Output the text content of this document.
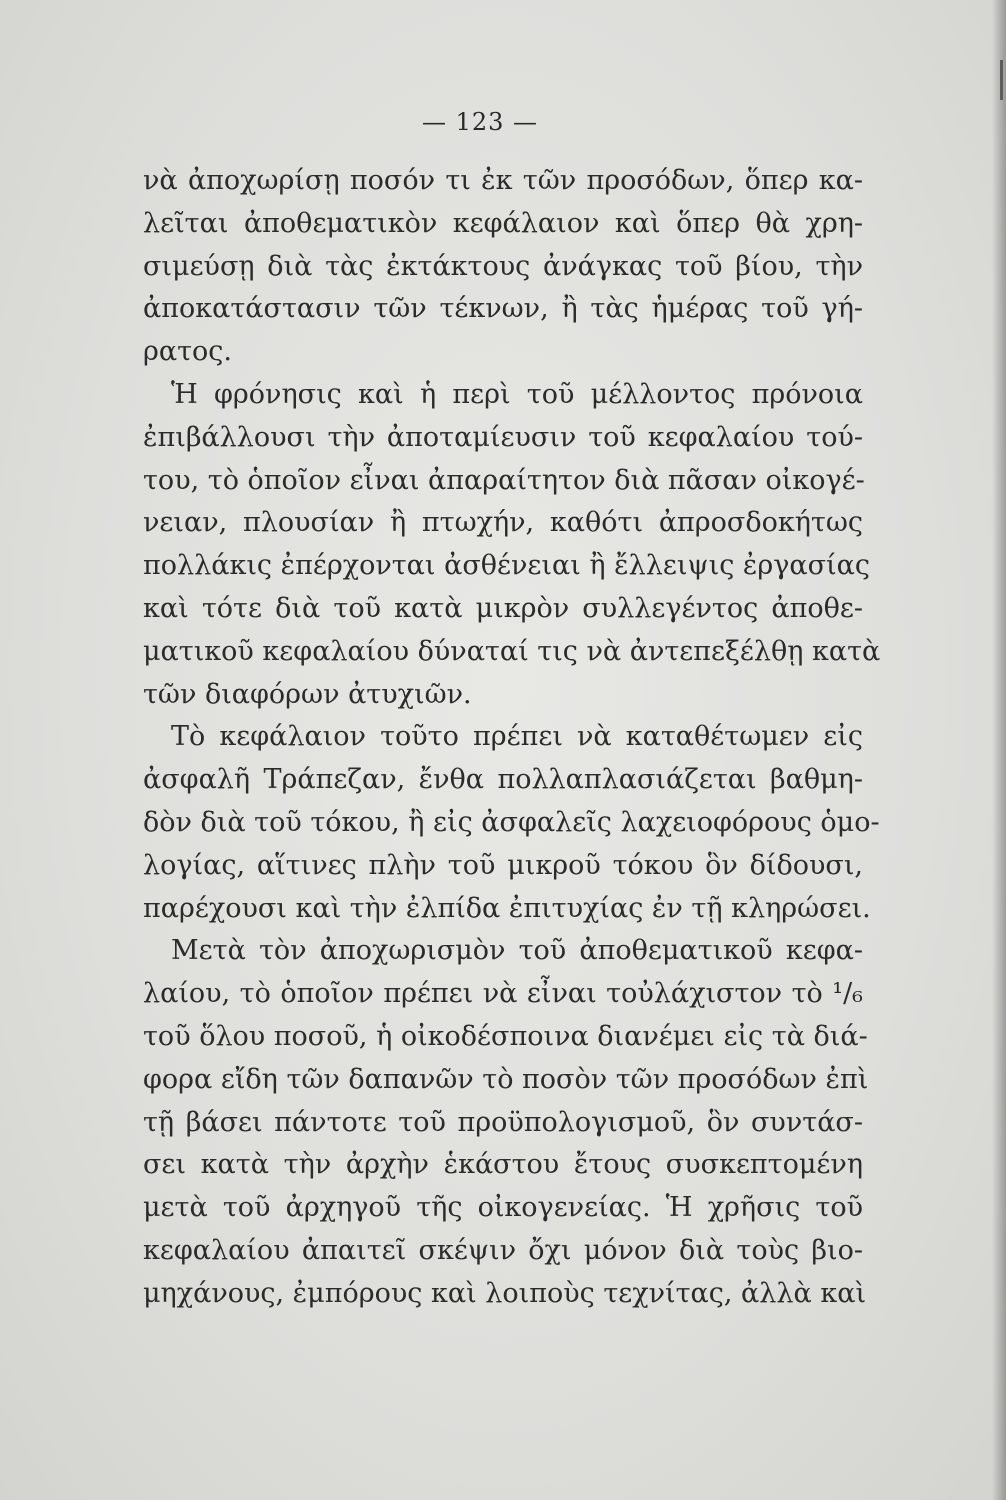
— 123 —
νὰ ἀποχωρίσῃ ποσόν τι ἐκ τῶν προσόδων, ὅπερ κα-
λεῖται ἀποθεματικὸν κεφάλαιον καὶ ὅπερ θὰ χρη-
σιμεύσῃ διὰ τὰς ἐκτάκτους ἀνάγκας τοῦ βίου, τὴν
ἀποκατάστασιν τῶν τέκνων, ἢ τὰς ἡμέρας τοῦ γή-
ρατος.
Ἡ φρόνησις καὶ ἡ περὶ τοῦ μέλλοντος πρόνοια
ἐπιβάλλουσι τὴν ἀποταμίευσιν τοῦ κεφαλαίου τού-
του, τὸ ὁποῖον εἶναι ἀπαραίτητον διὰ πᾶσαν οἰκογέ-
νειαν, πλουσίαν ἢ πτωχήν, καθότι ἀπροσδοκήτως
πολλάκις ἐπέρχονται ἀσθένειαι ἢ ἔλλειψις ἐργασίας
καὶ τότε διὰ τοῦ κατὰ μικρὸν συλλεγέντος ἀποθε-
ματικοῦ κεφαλαίου δύναταί τις νὰ ἀντεπεξέλθῃ κατὰ
τῶν διαφόρων ἀτυχιῶν.
Τὸ κεφάλαιον τοῦτο πρέπει νὰ καταθέτωμεν εἰς
ἀσφαλῆ Τράπεζαν, ἔνθα πολλαπλασιάζεται βαθμη-
δὸν διὰ τοῦ τόκου, ἢ εἰς ἀσφαλεῖς λαχειοφόρους ὁμο-
λογίας, αἵτινες πλὴν τοῦ μικροῦ τόκου ὃν δίδουσι,
παρέχουσι καὶ τὴν ἐλπίδα ἐπιτυχίας ἐν τῇ κληρώσει.
Μετὰ τὸν ἀποχωρισμὸν τοῦ ἀποθεματικοῦ κεφα-
λαίου, τὸ ὁποῖον πρέπει νὰ εἶναι τοὐλάχιστον τὸ ¹/₆
τοῦ ὅλου ποσοῦ, ἡ οἰκοδέσποινα διανέμει εἰς τὰ διά-
φορα εἴδη τῶν δαπανῶν τὸ ποσὸν τῶν προσόδων ἐπὶ
τῇ βάσει πάντοτε τοῦ προϋπολογισμοῦ, ὃν συντάσ-
σει κατὰ τὴν ἀρχὴν ἑκάστου ἔτους συσκεπτομένη
μετὰ τοῦ ἀρχηγοῦ τῆς οἰκογενείας. Ἡ χρῆσις τοῦ
κεφαλαίου ἀπαιτεῖ σκέψιν ὄχι μόνον διὰ τοὺς βιο-
μηχάνους, ἐμπόρους καὶ λοιποὺς τεχνίτας, ἀλλὰ καὶ
